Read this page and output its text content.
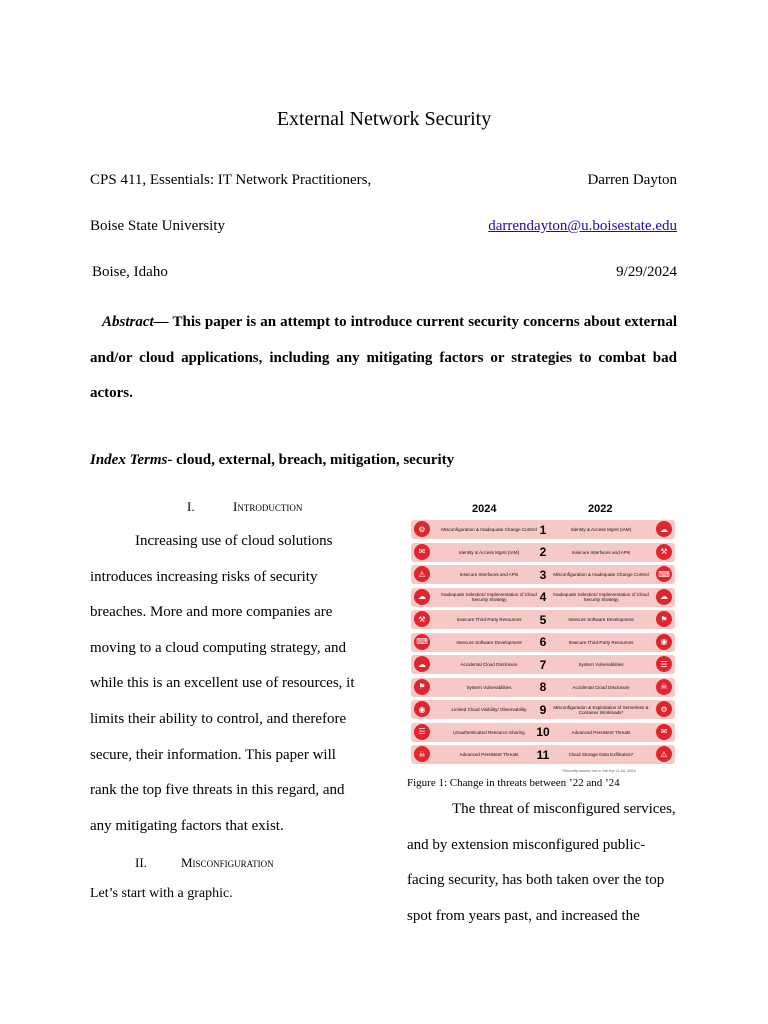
External Network Security
CPS 411, Essentials: IT Network Practitioners,	Darren Dayton
Boise State University	darrendayton@u.boisestate.edu
Boise, Idaho	9/29/2024
Abstract— This paper is an attempt to introduce current security concerns about external and/or cloud applications, including any mitigating factors or strategies to combat bad actors.
Index Terms- cloud, external, breach, mitigation, security
I.	Introduction
Increasing use of cloud solutions
introduces increasing risks of security
breaches. More and more companies are
moving to a cloud computing strategy, and
while this is an excellent use of resources, it
limits their ability to control, and therefore
secure, their information. This paper will
rank the top five threats in this regard, and
any mitigating factors that exist.
II.	Misconfiguration
Let’s start with a graphic.
2024	2022
⚙	Misconfiguration & Inadequate Change Control 1	Identity & Access Mgmt (IAM)	☁
✉	Identity & Access Mgmt (IAM)	2	Insecure Interfaces and APIs	⚒
⚠	Insecure Interfaces and APIs	3	Misconfiguration & Inadequate Change Control ⌨
☁	Inadequate Selection/ Implementation of Cloud Security Strategy	4	Inadequate Selection/ Implementation of Cloud Security Strategy	☁
⚒	Insecure Third-Party Resources	5	Insecure Software Development	⚑
⌨	Insecure Software Development	6	Insecure Third-Party Resources	◉
☁	Accidental Cloud Disclosure	7	System Vulnerabilities	☰
⚑	System Vulnerabilities	8	Accidental Cloud Disclosure	☠
◉	Limited Cloud Visibility/ Observability	9	Misconfiguration & Exploitation of Serverless & Container Workloads*	⚙
☰	Unauthenticated Resource Sharing 10	Advanced Persistent Threats	✉
☠	Advanced Persistent Threats	11	Cloud Storage Data Exfiltration*	⚠
*Security issues not in the top 11 for 2024
Figure 1: Change in threats between ’22 and ’24
The threat of misconfigured services,
and by extension misconfigured public-
facing security, has both taken over the top
spot from years past, and increased the
